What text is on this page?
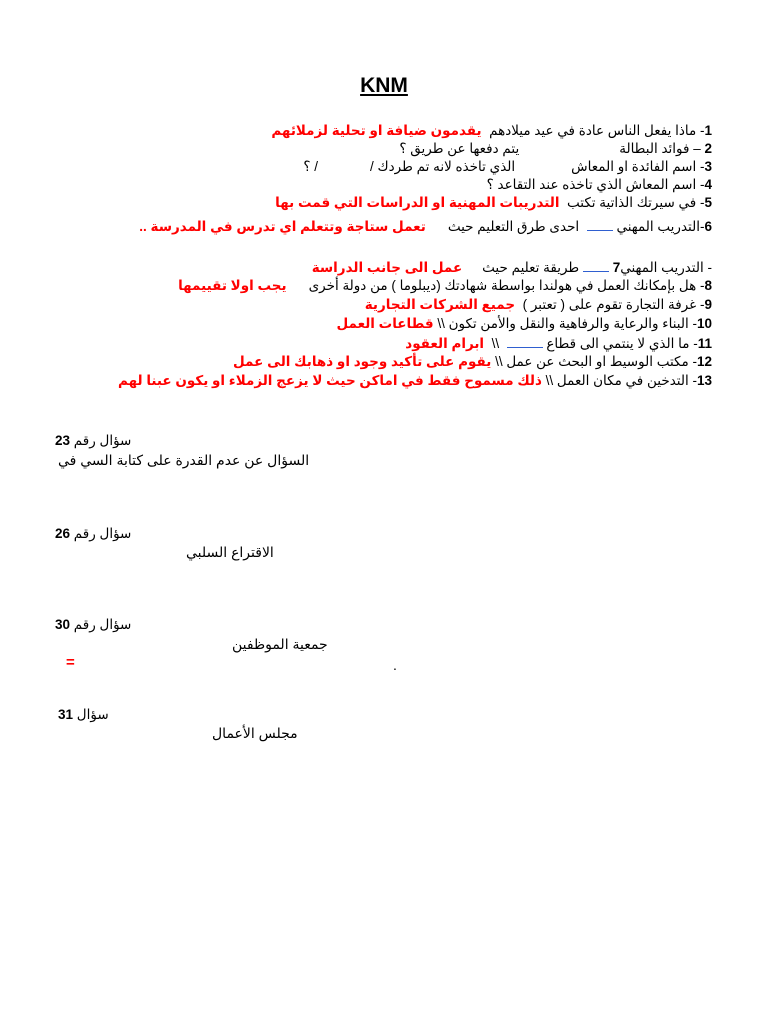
KNM
1- ماذا يفعل الناس عادة في عيد ميلادهم  يقدمون ضيافة او تحلية لزملائهم
2 – فوائد البطالةيتم دفعها عن طريق ؟
3- اسم الفائدة او المعاشالذي تاخذه لانه تم طردك // ؟
4- اسم المعاش الذي تاخذه عند التقاعد ؟
5- في سيرتك الذاتية تكتب  التدريبات المهنية او الدراسات التي قمت بها
6-التدريب المهني   احدى طرق التعليم حيثتعمل ستاجة وتتعلم اي تدرس في المدرسة ..
- التدريب المهني7  طريقة تعليم حيثعمل الى جانب الدراسة
8- هل بإمكانك العمل في هولندا بواسطة شهادتك (ديبلوما ) من دولة أخرىيجب اولا تقييمها
9- غرفة التجارة تقوم على ( تعتبر )  جميع الشركات التجارية
10- البناء والرعاية والرفاهية والنقل والأمن تكون \\ قطاعات العمل
11- ما الذي لا ينتمي الى قطاع   \\  ابرام العقود
12- مكتب الوسيط او البحث عن عمل \\ يقوم على تأكيد وجود او ذهابك الى عمل
13- التدخين في مكان العمل \\ ذلك مسموح فقط في اماكن حيث لا يزعج الزملاء او يكون عبنا لهم
سؤال رقم 23
السؤال عن عدم القدرة على كتابة السي في
سؤال رقم 26
الاقتراع السلبي
سؤال رقم 30
جمعية الموظفين
=	.
سؤال 31
مجلس الأعمال
